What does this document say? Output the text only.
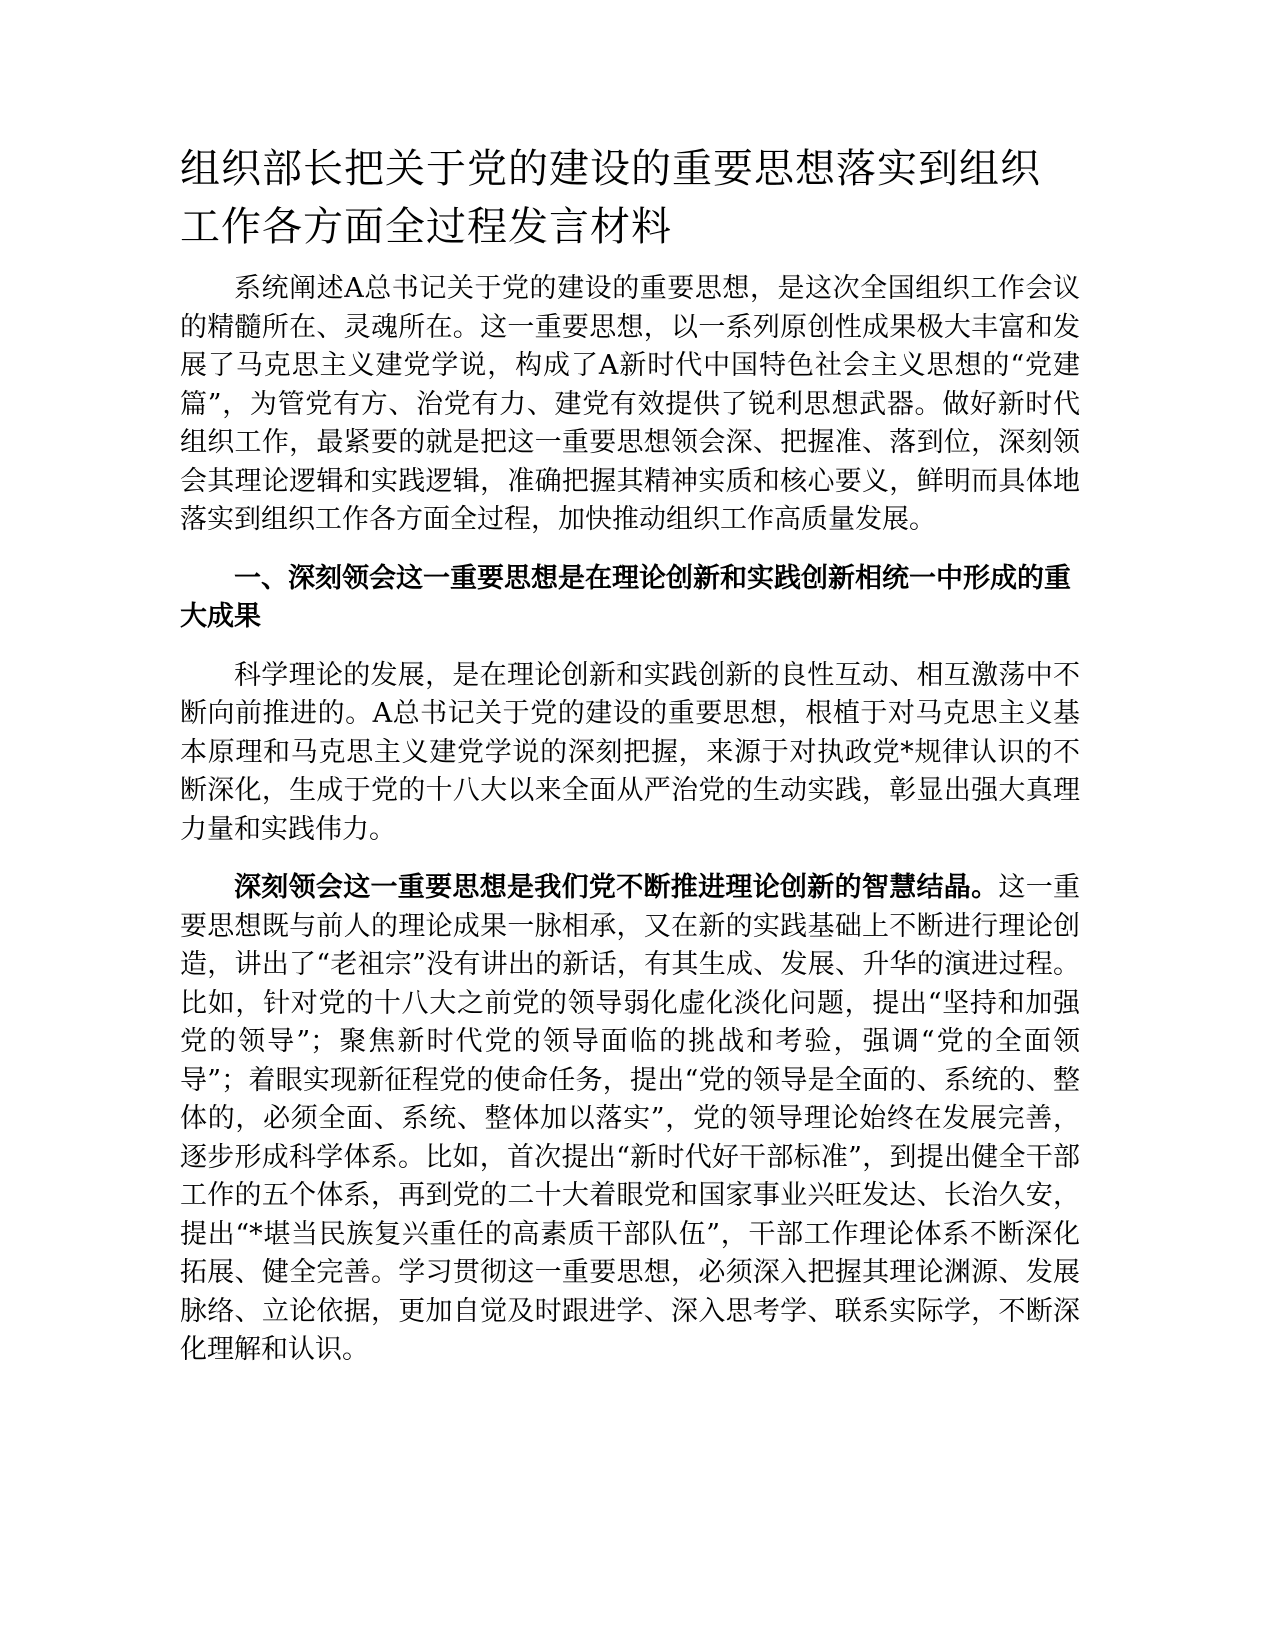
组织部长把关于党的建设的重要思想落实到组织工作各方面全过程发言材料

系统阐述A总书记关于党的建设的重要思想，是这次全国组织工作会议的精髓所在、灵魂所在。这一重要思想，以一系列原创性成果极大丰富和发展了马克思主义建党学说，构成了A新时代中国特色社会主义思想的“党建篇”，为管党有方、治党有力、建党有效提供了锐利思想武器。做好新时代组织工作，最紧要的就是把这一重要思想领会深、把握准、落到位，深刻领会其理论逻辑和实践逻辑，准确把握其精神实质和核心要义，鲜明而具体地落实到组织工作各方面全过程，加快推动组织工作高质量发展。

一、深刻领会这一重要思想是在理论创新和实践创新相统一中形成的重大成果

科学理论的发展，是在理论创新和实践创新的良性互动、相互激荡中不断向前推进的。A总书记关于党的建设的重要思想，根植于对马克思主义基本原理和马克思主义建党学说的深刻把握，来源于对执政党*规律认识的不断深化，生成于党的十八大以来全面从严治党的生动实践，彰显出强大真理力量和实践伟力。

深刻领会这一重要思想是我们党不断推进理论创新的智慧结晶。这一重要思想既与前人的理论成果一脉相承，又在新的实践基础上不断进行理论创造，讲出了“老祖宗”没有讲出的新话，有其生成、发展、升华的演进过程。比如，针对党的十八大之前党的领导弱化虚化淡化问题，提出“坚持和加强党的领导”；聚焦新时代党的领导面临的挑战和考验，强调“党的全面领导”；着眼实现新征程党的使命任务，提出“党的领导是全面的、系统的、整体的，必须全面、系统、整体加以落实”，党的领导理论始终在发展完善，逐步形成科学体系。比如，首次提出“新时代好干部标准”，到提出健全干部工作的五个体系，再到党的二十大着眼党和国家事业兴旺发达、长治久安，提出“*堪当民族复兴重任的高素质干部队伍”，干部工作理论体系不断深化拓展、健全完善。学习贯彻这一重要思想，必须深入把握其理论渊源、发展脉络、立论依据，更加自觉及时跟进学、深入思考学、联系实际学，不断深化理解和认识。
